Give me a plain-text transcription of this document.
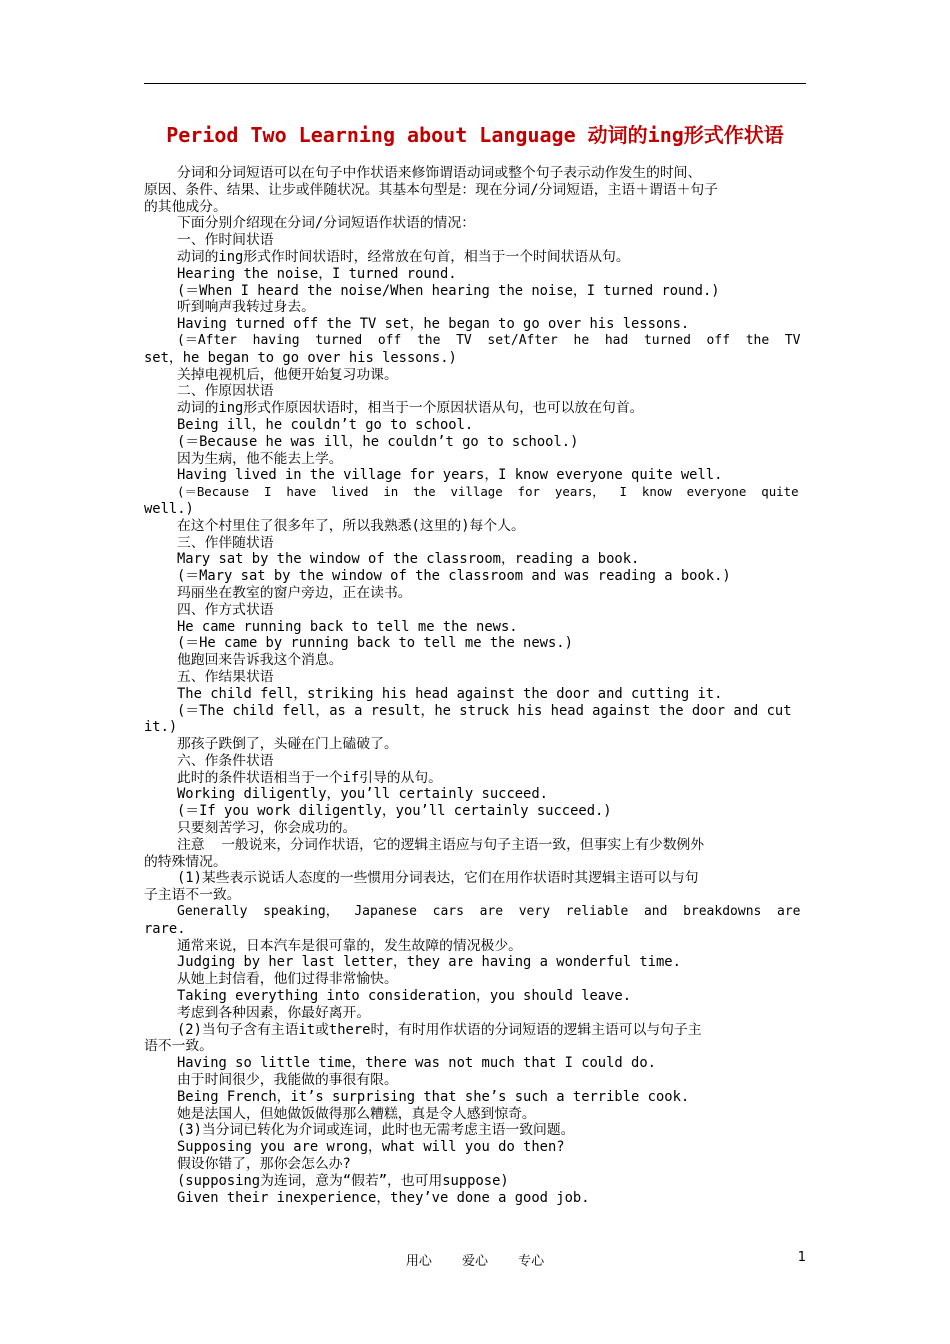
Period Two Learning about Language 动词的ing形式作状语

分词和分词短语可以在句子中作状语来修饰谓语动词或整个句子表示动作发生的时间、

原因、条件、结果、让步或伴随状况。其基本句型是：现在分词/分词短语，主语＋谓语＋句子

的其他成分。

下面分别介绍现在分词/分词短语作状语的情况：

一、作时间状语

动词的ing形式作时间状语时，经常放在句首，相当于一个时间状语从句。

Hearing the noise，I turned round.

(＝When I heard the noise/When hearing the noise，I turned round.)

听到响声我转过身去。

Having turned off the TV set，he began to go over his lessons.

(＝After  having  turned  off  the  TV  set/After  he  had  turned  off  the  TV

set，he began to go over his lessons.)

关掉电视机后，他便开始复习功课。

二、作原因状语

动词的ing形式作原因状语时，相当于一个原因状语从句，也可以放在句首。

Being ill，he couldn’t go to school.

(＝Because he was ill，he couldn’t go to school.)

因为生病，他不能去上学。

Having lived in the village for years，I know everyone quite well.

(＝Because  I  have  lived  in  the  village  for  years，  I  know  everyone  quite

well.)

在这个村里住了很多年了，所以我熟悉(这里的)每个人。

三、作伴随状语

Mary sat by the window of the classroom，reading a book.

(＝Mary sat by the window of the classroom and was reading a book.)

玛丽坐在教室的窗户旁边，正在读书。

四、作方式状语

He came running back to tell me the news.

(＝He came by running back to tell me the news.)

他跑回来告诉我这个消息。

五、作结果状语

The child fell，striking his head against the door and cutting it.

(＝The child fell，as a result，he struck his head against the door and cut

it.)

那孩子跌倒了，头碰在门上磕破了。

六、作条件状语

此时的条件状语相当于一个if引导的从句。

Working diligently，you’ll certainly succeed.

(＝If you work diligently，you’ll certainly succeed.)

只要刻苦学习，你会成功的。

注意  一般说来，分词作状语，它的逻辑主语应与句子主语一致，但事实上有少数例外

的特殊情况。

(1)某些表示说话人态度的一些惯用分词表达，它们在用作状语时其逻辑主语可以与句

子主语不一致。

Generally  speaking，  Japanese  cars  are  very  reliable  and  breakdowns  are

rare.

通常来说，日本汽车是很可靠的，发生故障的情况极少。

Judging by her last letter，they are having a wonderful time.

从她上封信看，他们过得非常愉快。

Taking everything into consideration，you should leave.

考虑到各种因素，你最好离开。

(2)当句子含有主语it或there时，有时用作状语的分词短语的逻辑主语可以与句子主

语不一致。

Having so little time，there was not much that I could do.

由于时间很少，我能做的事很有限。

Being French，it’s surprising that she’s such a terrible cook.

她是法国人，但她做饭做得那么糟糕，真是令人感到惊奇。

(3)当分词已转化为介词或连词，此时也无需考虑主语一致问题。

Supposing you are wrong，what will you do then?

假设你错了，那你会怎么办?

(supposing为连词，意为“假若”，也可用suppose)

Given their inexperience，they’ve done a good job.

用心 爱心 专心	1
